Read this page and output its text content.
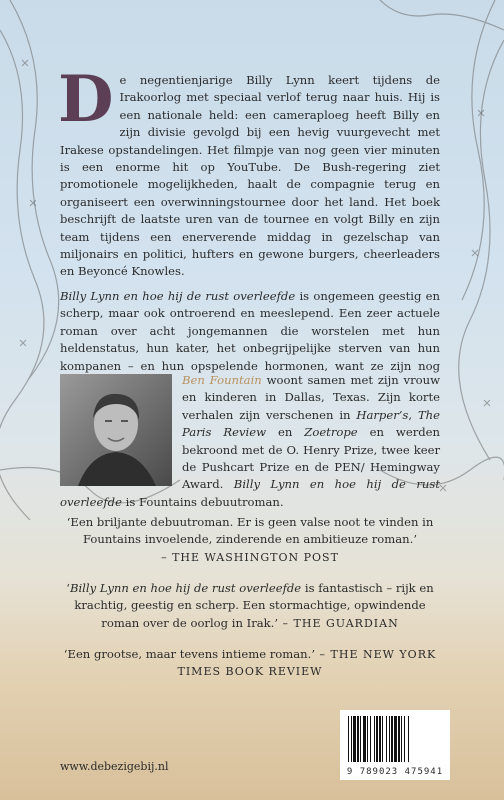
De negentienjarige Billy Lynn keert tijdens de Irakoorlog met speciaal verlof terug naar huis. Hij is een nationale held: een cameraploeg heeft Billy en zijn divisie gevolgd bij een hevig vuurgevecht met Irakese opstandelingen. Het filmpje van nog geen vier minuten is een enorme hit op YouTube. De Bush-regering ziet promotionele mogelijkheden, haalt de compagnie terug en organiseert een overwinningstournee door het land. Het boek beschrijft de laatste uren van de tournee en volgt Billy en zijn team tijdens een enerverende middag in gezelschap van miljonairs en politici, hufters en gewone burgers, cheerleaders en Beyoncé Knowles.

Billy Lynn en hoe hij de rust overleefde is ongemeen geestig en scherp, maar ook ontroerend en meeslepend. Een zeer actuele roman over acht jongemannen die worstelen met hun heldenstatus, hun kater, het onbegrijpelijke sterven van hun kompanen – en hun opspelende hormonen, want ze zijn nog

Ben Fountain woont samen met zijn vrouw en kinderen in Dallas, Texas. Zijn korte verhalen zijn verschenen in Harper’s, The Paris Review en Zoetrope en werden bekroond met de O. Henry Prize, twee keer de Pushcart Prize en de PEN/ Hemingway Award. Billy Lynn en hoe hij de rust overleefde is Fountains debuutroman.

‘Een briljante debuutroman. Er is geen valse noot te vinden in Fountains invoelende, zinderende en ambitieuze roman.’
– THE WASHINGTON POST

‘Billy Lynn en hoe hij de rust overleefde is fantastisch – rijk en krachtig, geestig en scherp. Een stormachtige, opwindende roman over de oorlog in Irak.’ – THE GUARDIAN

‘Een grootse, maar tevens intieme roman.’ – THE NEW YORK TIMES BOOK REVIEW

www.debezigebij.nl	9 789023 475941
